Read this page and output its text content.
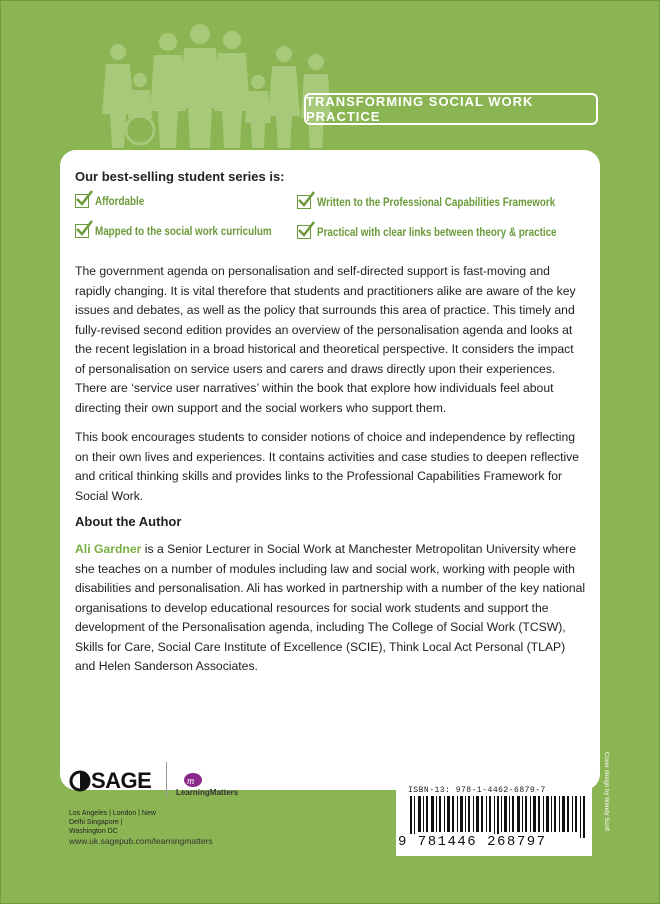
TRANSFORMING SOCIAL WORK PRACTICE
Our best-selling student series is:
Affordable
Mapped to the social work curriculum
Written to the Professional Capabilities Framework
Practical with clear links between theory & practice

The government agenda on personalisation and self-directed support is fast-moving and rapidly changing. It is vital therefore that students and practitioners alike are aware of the key issues and debates, as well as the policy that surrounds this area of practice. This timely and fully-revised second edition provides an overview of the personalisation agenda and looks at the recent legislation in a broad historical and theoretical perspective. It considers the impact of personalisation on service users and carers and draws directly upon their experiences. There are ‘service user narratives’ within the book that explore how individuals feel about directing their own support and the social workers who support them.

This book encourages students to consider notions of choice and independence by reflecting on their own lives and experiences. It contains activities and case studies to deepen reflective and critical thinking skills and provides links to the Professional Capabilities Framework for Social Work.

About the Author

Ali Gardner is a Senior Lecturer in Social Work at Manchester Metropolitan University where she teaches on a number of modules including law and social work, working with people with disabilities and personalisation. Ali has worked in partnership with a number of the key national organisations to develop educational resources for social work students and support the development of the Personalisation agenda, including The College of Social Work (TCSW), Skills for Care, Social Care Institute of Excellence (SCIE), Think Local Act Personal (TLAP) and Helen Sanderson Associates.

SAGE	m
LearningMatters
Los Angeles | London | New Delhi Singapore | Washington DC
www.uk.sagepub.com/learningmatters
ISBN-13: 978-1-4462-6879-7
9 781446 268797
Cover design by Wendy Scott
